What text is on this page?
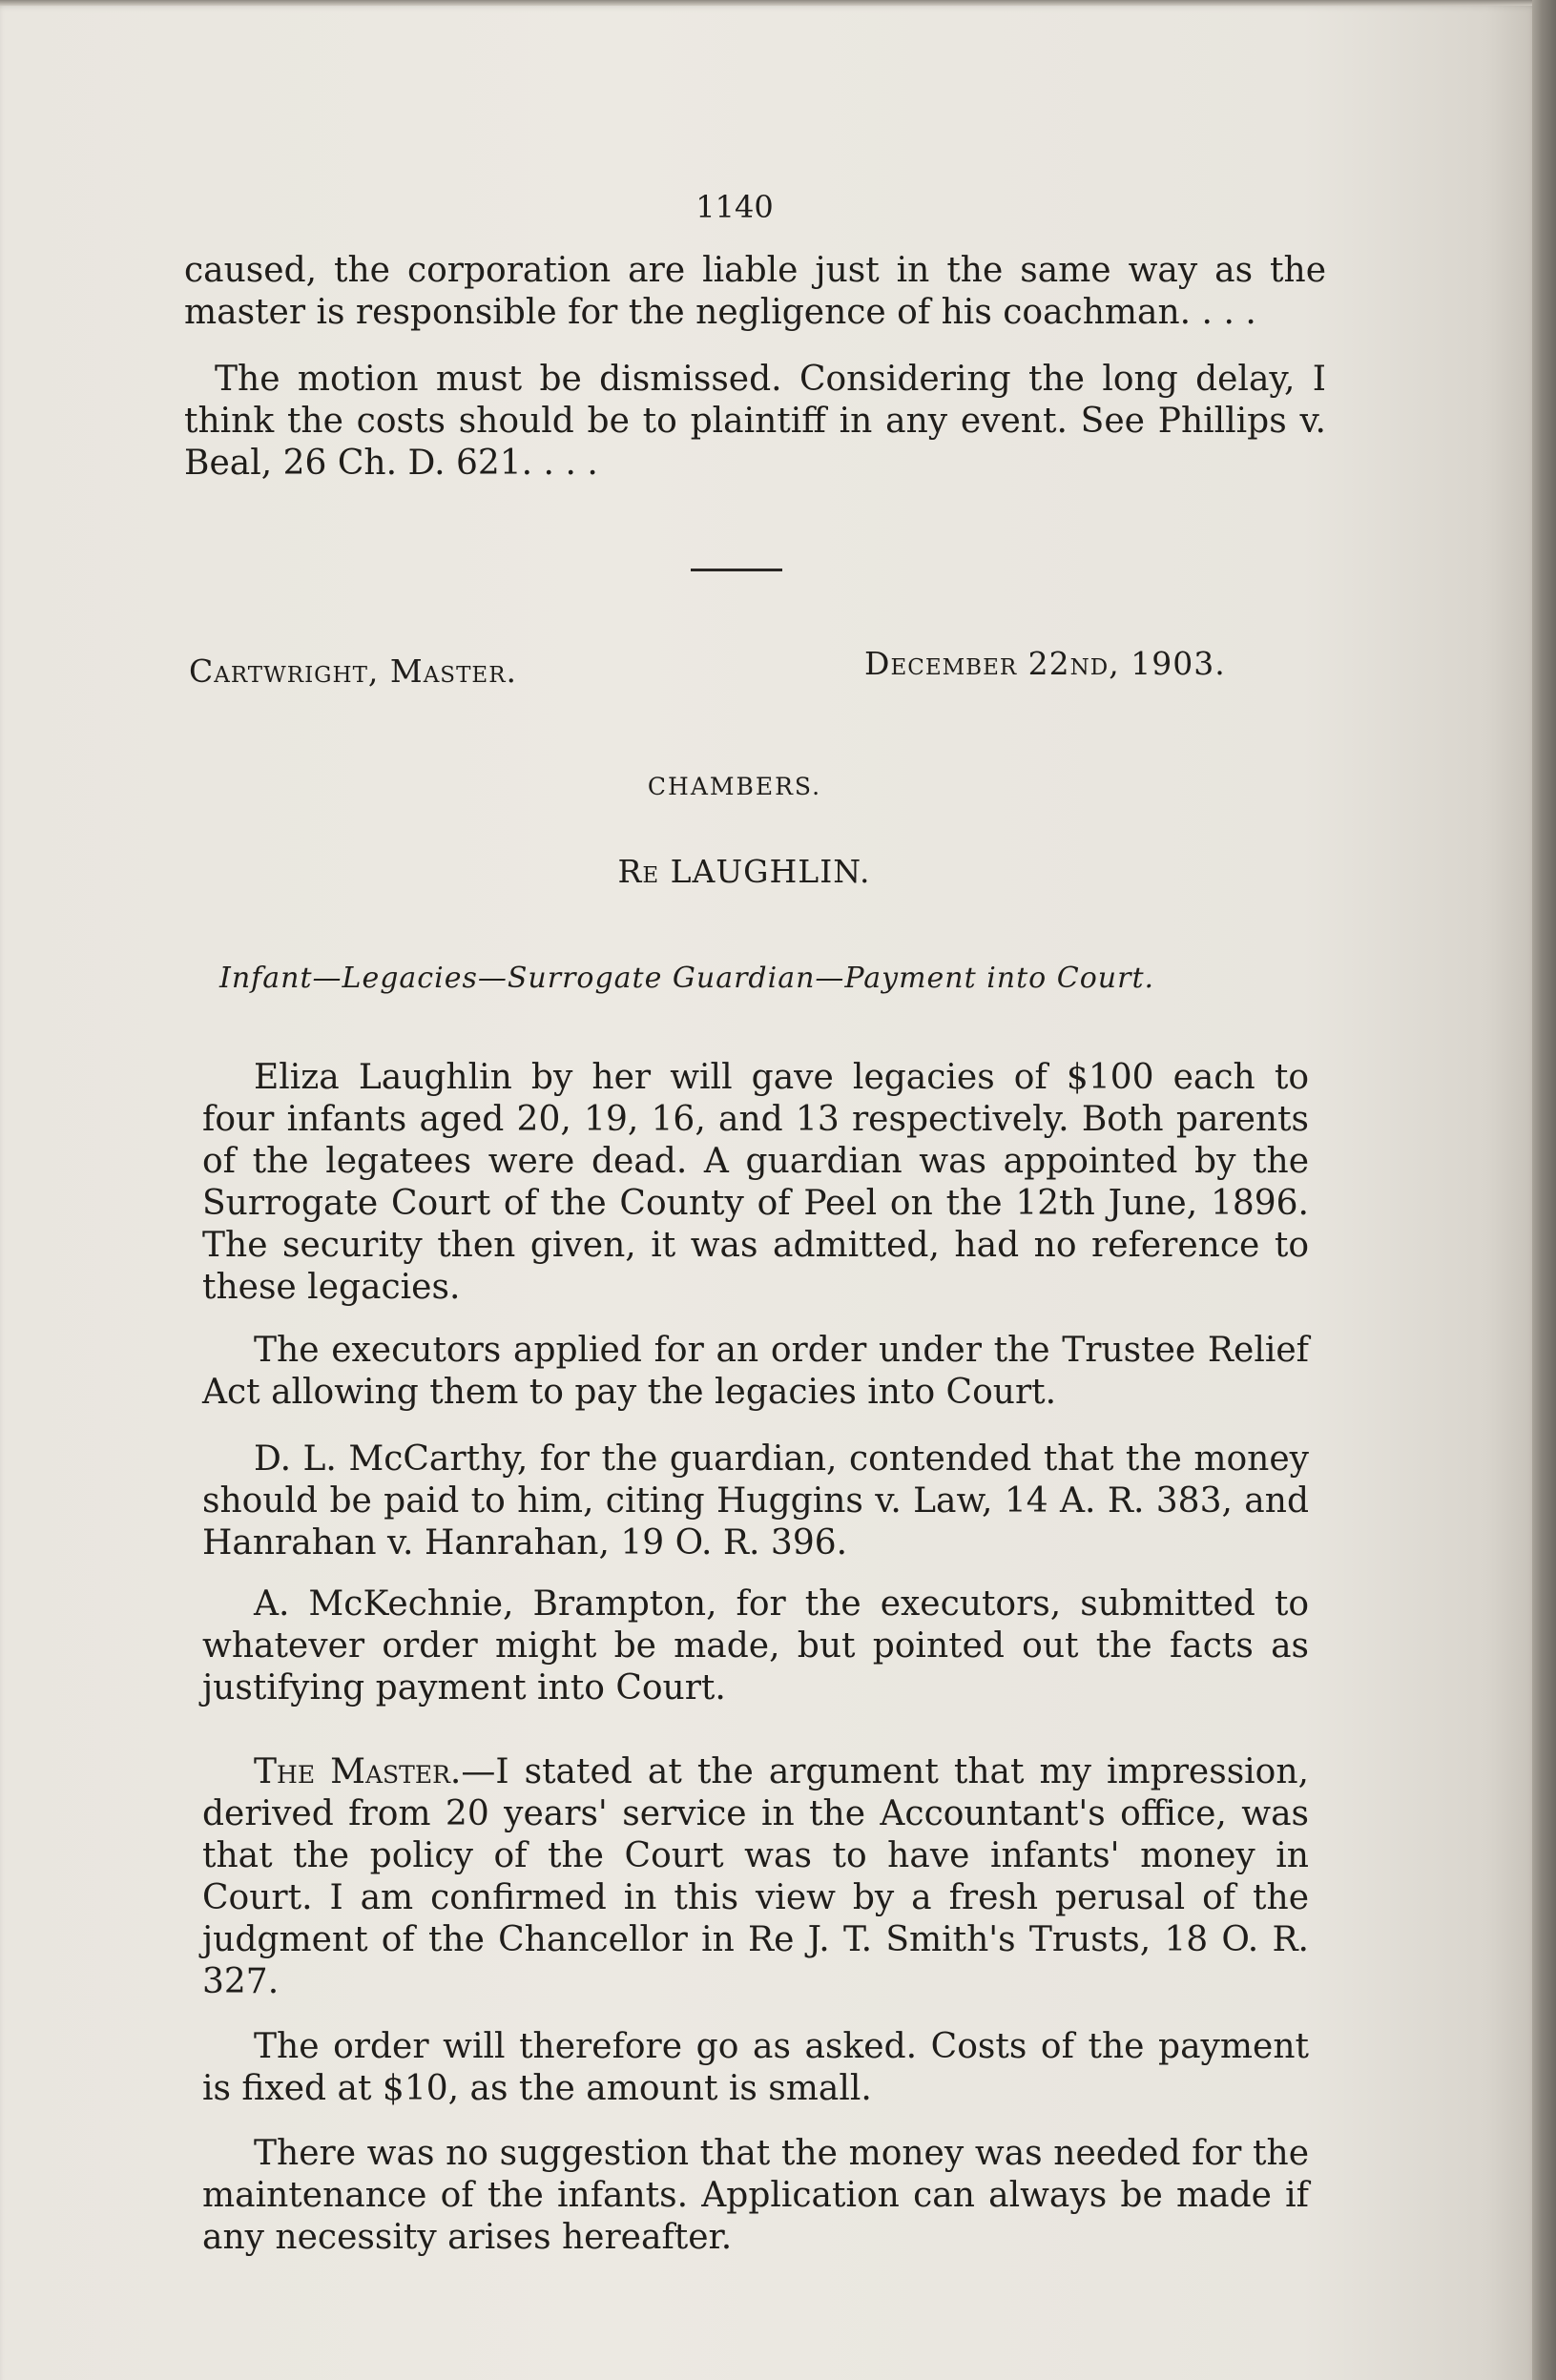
1140

caused, the corporation are liable just in the same way as the master is responsible for the negligence of his coachman. . . .

The motion must be dismissed. Considering the long delay, I think the costs should be to plaintiff in any event. See Phillips v. Beal, 26 Ch. D. 621. . . .

Cartwright, Master.	December 22nd, 1903.
CHAMBERS.
Re LAUGHLIN.
Infant—Legacies—Surrogate Guardian—Payment into Court.

Eliza Laughlin by her will gave legacies of $100 each to four infants aged 20, 19, 16, and 13 respectively. Both parents of the legatees were dead. A guardian was appointed by the Surrogate Court of the County of Peel on the 12th June, 1896. The security then given, it was admitted, had no reference to these legacies.

The executors applied for an order under the Trustee Relief Act allowing them to pay the legacies into Court.

D. L. McCarthy, for the guardian, contended that the money should be paid to him, citing Huggins v. Law, 14 A. R. 383, and Hanrahan v. Hanrahan, 19 O. R. 396.

A. McKechnie, Brampton, for the executors, submitted to whatever order might be made, but pointed out the facts as justifying payment into Court.

The Master.—I stated at the argument that my impression, derived from 20 years' service in the Accountant's office, was that the policy of the Court was to have infants' money in Court. I am confirmed in this view by a fresh perusal of the judgment of the Chancellor in Re J. T. Smith's Trusts, 18 O. R. 327.

The order will therefore go as asked. Costs of the payment is fixed at $10, as the amount is small.

There was no suggestion that the money was needed for the maintenance of the infants. Application can always be made if any necessity arises hereafter.
